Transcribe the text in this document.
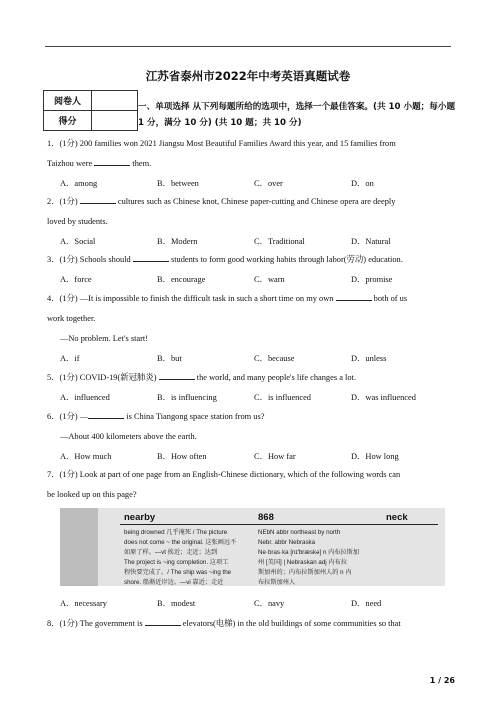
江苏省泰州市2022年中考英语真题试卷
阅卷人	
得分	
一、单项选择 从下列每题所给的选项中，选择一个最佳答案。(共 10 小题；每小题 1 分，满分 10 分) (共 10 题；共 10 分)
1．(1分) 200 families won 2021 Jiangsu Most Beautiful Families Award this year, and 15 families from
Taizhou were	them.
A．among	B．between	C．over	D．on
2．(1分)	cultures such as Chinese knot, Chinese paper-cutting and Chinese opera are deeply
loved by students.
A．Social	B．Modern	C．Traditional	D．Natural
3．(1分) Schools should	students to form good working habits through labor(劳动) education.
A．force	B．encourage	C．warn	D．promise
4．(1分) —It is impossible to finish the difficult task in such a short time on my own	both of us
work together.
—No problem. Let's start!
A．if	B．but	C．because	D．unless
5．(1分) COVID-19(新冠肺炎)	the world, and many people's life changes a lot.
A．influenced	B．is influencing	C．is influenced	D．was influenced
6．(1分) —	is China Tiangong space station from us?
—About 400 kilometers above the earth.
A．How much	B．How often	C．How far	D．How long
7．(1分) Look at part of one page from an English-Chinese dictionary, which of the following words can
be looked up on this page?
nearby	868	neck
being drowned 几乎淹死 / The picture
does not come ~ the original. 这张画远不
如原了样。—vt 挨近；走近；达到
The project is ~ing completion. 这项工
程快要完成了。/ The ship was ~ing the
shore. 船渐近岸边。—vi 靠近；走近
NEbN abbr northeast by north
Nebr. abbr Nebraska
Ne·bras·ka [nɪ'bræskə] n 内布拉斯加
州 [美国] | Nebraskan adj 内布拉
斯加州的；内布拉斯加州人的 n 内
布拉斯加州人
A．necessary	B．modest	C．navy	D．need
8．(1分) The government is	elevators(电梯) in the old buildings of some communities so that
1 / 26
